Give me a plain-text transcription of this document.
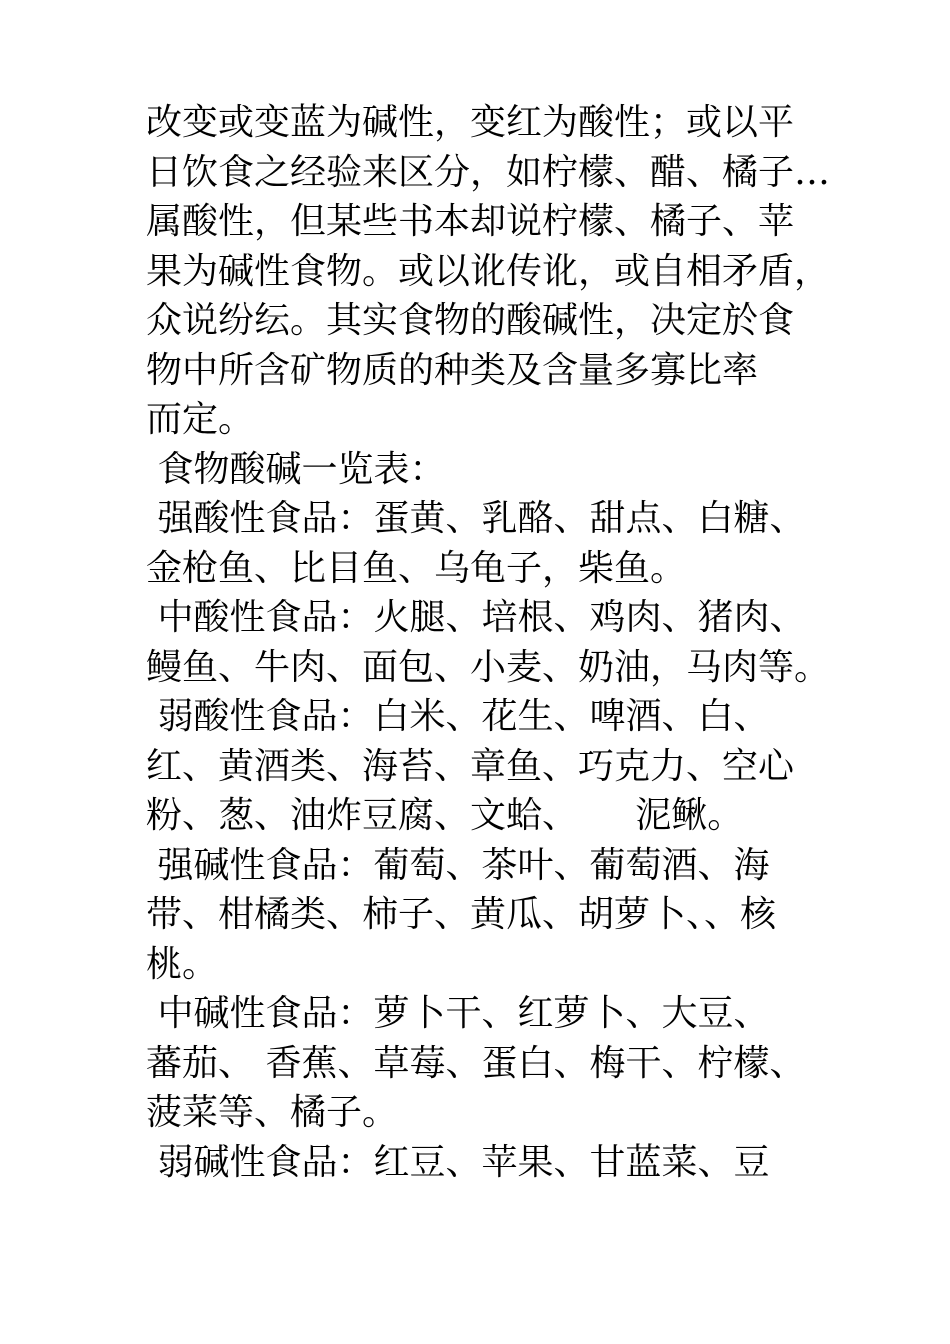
改变或变蓝为碱性，变红为酸性；或以平
日饮食之经验来区分，如柠檬、醋、橘子…
属酸性，但某些书本却说柠檬、橘子、苹
果为碱性食物。或以讹传讹，或自相矛盾，
众说纷纭。其实食物的酸碱性，决定於食
物中所含矿物质的种类及含量多寡比率
而定。
食物酸碱一览表：
强酸性食品：蛋黄、乳酪、甜点、白糖、
金枪鱼、比目鱼、乌龟子，柴鱼。
中酸性食品：火腿、培根、鸡肉、猪肉、
鳗鱼、牛肉、面包、小麦、奶油，马肉等。
弱酸性食品：白米、花生、啤酒、白、
红、黄酒类、海苔、章鱼、巧克力、空心
粉、葱、油炸豆腐、文蛤、     泥鳅。
强碱性食品：葡萄、茶叶、葡萄酒、海
带、柑橘类、柿子、黄瓜、胡萝卜、、核
桃。
中碱性食品：萝卜干、红萝卜、大豆、
蕃茄、 香蕉、草莓、蛋白、梅干、柠檬、
菠菜等、橘子。
弱碱性食品：红豆、苹果、甘蓝菜、豆
